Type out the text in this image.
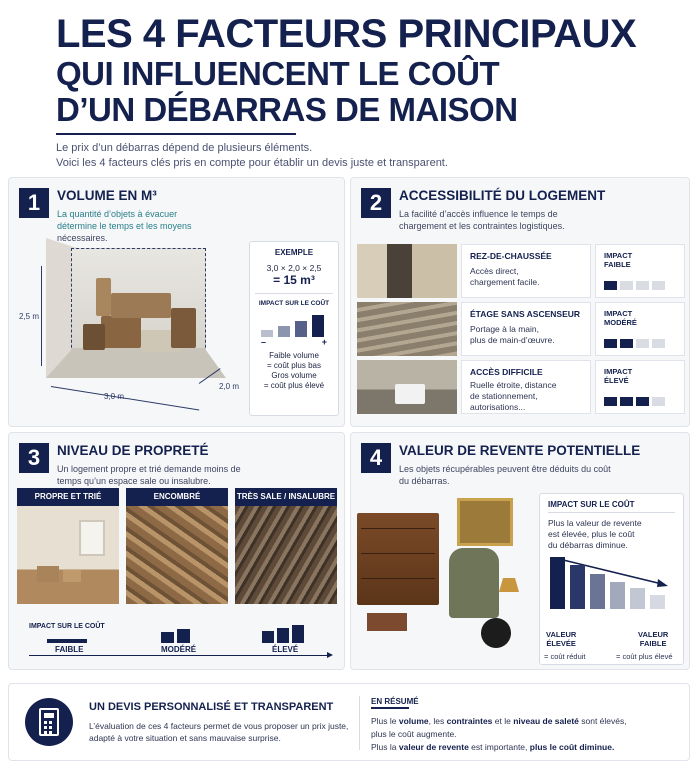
LES 4 FACTEURS PRINCIPAUX
QUI INFLUENCENT LE COÛT
D’UN DÉBARRAS DE MAISON
Le prix d’un débarras dépend de plusieurs éléments.
Voici les 4 facteurs clés pris en compte pour établir un devis juste et transparent.
1	VOLUME EN M³
La quantité d’objets à évacuer
détermine le temps et les moyens
nécessaires.
2,5 m
3,0 m
2,0 m
EXEMPLE
3,0 × 2,0 × 2,5
= 15 m³
IMPACT SUR LE COÛT
–	+
Faible volume
= coût plus bas
Gros volume
= coût plus élevé
2	ACCESSIBILITÉ DU LOGEMENT
La facilité d’accès influence le temps de
chargement et les contraintes logistiques.
REZ-DE-CHAUSSÉE
Accès direct,
chargement facile.
IMPACT
FAIBLE
ÉTAGE SANS ASCENSEUR
Portage à la main,
plus de main-d’œuvre.
IMPACT
MODÉRÉ
ACCÈS DIFFICILE
Ruelle étroite, distance
de stationnement,
autorisations...
IMPACT
ÉLEVÉ
3	NIVEAU DE PROPRETÉ
Un logement propre et trié demande moins de
temps qu’un espace sale ou insalubre.
PROPRE ET TRIÉ	ENCOMBRÉ	TRÈS SALE / INSALUBRE
IMPACT SUR LE COÛT
FAIBLE	MODÉRÉ	ÉLEVÉ
4	VALEUR DE REVENTE POTENTIELLE
Les objets récupérables peuvent être déduits du coût
du débarras.
IMPACT SUR LE COÛT
Plus la valeur de revente
est élevée, plus le coût
du débarras diminue.
VALEUR
ÉLEVÉE
= coût réduit
VALEUR
FAIBLE
= coût plus élevé
UN DEVIS PERSONNALISÉ ET TRANSPARENT
L’évaluation de ces 4 facteurs permet de vous proposer un prix juste,
adapté à votre situation et sans mauvaise surprise.
EN RÉSUMÉ
Plus le volume, les contraintes et le niveau de saleté sont élevés,
plus le coût augmente.
Plus la valeur de revente est importante, plus le coût diminue.
